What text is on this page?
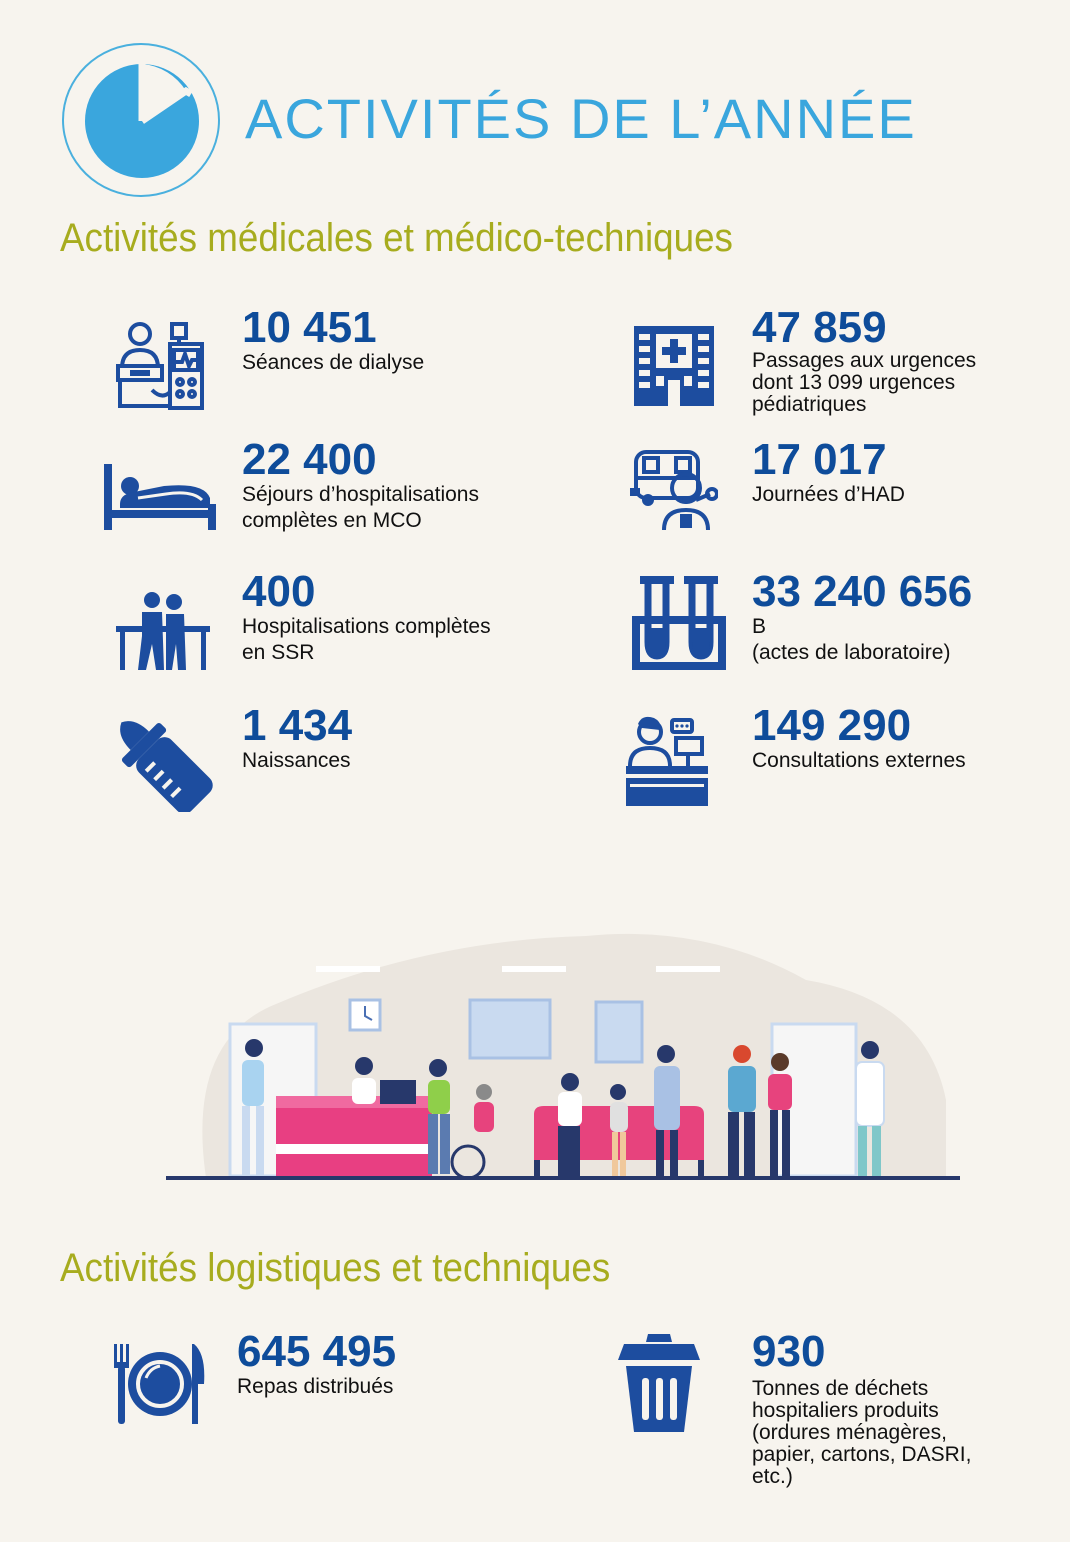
ACTIVITÉS DE L’ANNÉE
Activités médicales et médico-techniques
10 451
Séances de dialyse
47 859
Passages aux urgences
dont 13 099 urgences
pédiatriques
22 400
Séjours d’hospitalisations
complètes en MCO
17 017
Journées d’HAD
400
Hospitalisations complètes
en SSR
33 240 656
B
(actes de laboratoire)
1 434
Naissances
149 290
Consultations externes
Activités logistiques et techniques
645 495
Repas distribués
930
Tonnes de déchets
hospitaliers produits
(ordures ménagères,
papier, cartons, DASRI,
etc.)
